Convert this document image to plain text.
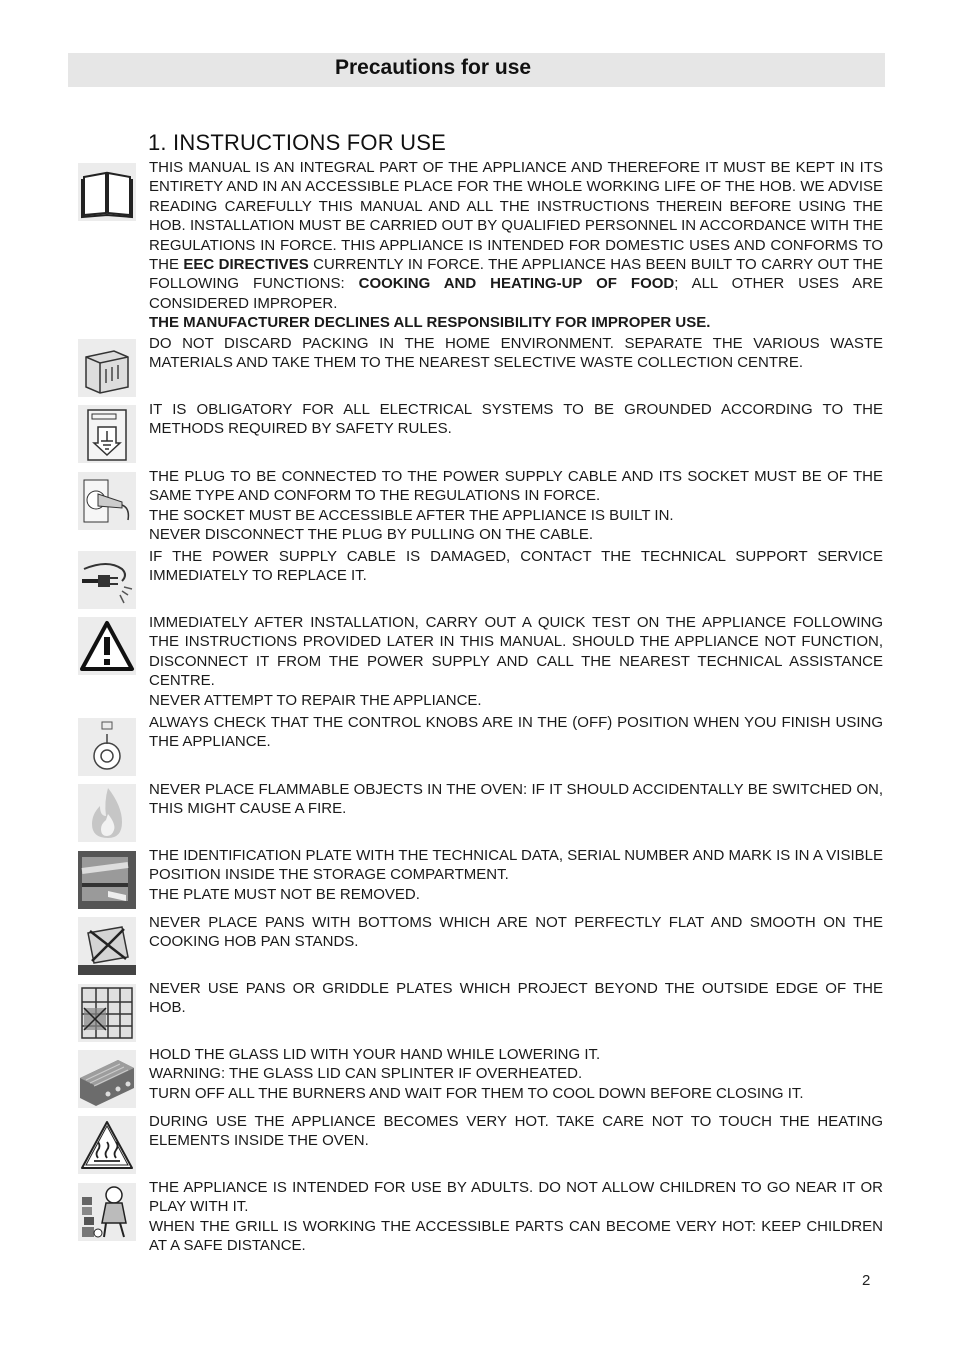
Precautions for use
1. INSTRUCTIONS FOR USE

THIS MANUAL IS AN INTEGRAL PART OF THE APPLIANCE AND THEREFORE IT MUST BE KEPT IN ITS ENTIRETY AND IN AN ACCESSIBLE PLACE FOR THE WHOLE WORKING LIFE OF THE HOB. WE ADVISE READING CAREFULLY THIS MANUAL AND ALL THE INSTRUCTIONS THEREIN BEFORE USING THE HOB. INSTALLATION MUST BE CARRIED OUT BY QUALIFIED PERSONNEL IN ACCORDANCE WITH THE REGULATIONS IN FORCE. THIS APPLIANCE IS INTENDED FOR DOMESTIC USES AND CONFORMS TO THE EEC DIRECTIVES CURRENTLY IN FORCE. THE APPLIANCE HAS BEEN BUILT TO CARRY OUT THE FOLLOWING FUNCTIONS: COOKING AND HEATING-UP OF FOOD; ALL OTHER USES ARE CONSIDERED IMPROPER.

THE MANUFACTURER DECLINES ALL RESPONSIBILITY FOR IMPROPER USE.

DO NOT DISCARD PACKING IN THE HOME ENVIRONMENT. SEPARATE THE VARIOUS WASTE MATERIALS AND TAKE THEM TO THE NEAREST SELECTIVE WASTE COLLECTION CENTRE.

IT IS OBLIGATORY FOR ALL ELECTRICAL SYSTEMS TO BE GROUNDED ACCORDING TO THE METHODS REQUIRED BY SAFETY RULES.

THE PLUG TO BE CONNECTED TO THE POWER SUPPLY CABLE AND ITS SOCKET MUST BE OF THE SAME TYPE AND CONFORM TO THE REGULATIONS IN FORCE.

THE SOCKET MUST BE ACCESSIBLE AFTER THE APPLIANCE IS BUILT IN.

NEVER DISCONNECT THE PLUG BY PULLING ON THE CABLE.

IF THE POWER SUPPLY CABLE IS DAMAGED, CONTACT THE TECHNICAL SUPPORT SERVICE IMMEDIATELY TO REPLACE IT.

IMMEDIATELY AFTER INSTALLATION, CARRY OUT A QUICK TEST ON THE APPLIANCE FOLLOWING THE INSTRUCTIONS PROVIDED LATER IN THIS MANUAL. SHOULD THE APPLIANCE NOT FUNCTION, DISCONNECT IT FROM THE POWER SUPPLY AND CALL THE NEAREST TECHNICAL ASSISTANCE CENTRE.

NEVER ATTEMPT TO REPAIR THE APPLIANCE.

ALWAYS CHECK THAT THE CONTROL KNOBS ARE IN THE (OFF) POSITION WHEN YOU FINISH USING THE APPLIANCE.

NEVER PLACE FLAMMABLE OBJECTS IN THE OVEN: IF IT SHOULD ACCIDENTALLY BE SWITCHED ON, THIS MIGHT CAUSE A FIRE.

THE IDENTIFICATION PLATE WITH THE TECHNICAL DATA, SERIAL NUMBER AND MARK IS IN A VISIBLE POSITION INSIDE THE STORAGE COMPARTMENT.

THE PLATE MUST NOT BE REMOVED.

NEVER PLACE PANS WITH BOTTOMS WHICH ARE NOT PERFECTLY FLAT AND SMOOTH ON THE COOKING HOB PAN STANDS.

NEVER USE PANS OR GRIDDLE PLATES WHICH PROJECT BEYOND THE OUTSIDE EDGE OF THE HOB.

HOLD THE GLASS LID WITH YOUR HAND WHILE LOWERING IT.

WARNING: THE GLASS LID CAN SPLINTER IF OVERHEATED.

TURN OFF ALL THE BURNERS AND WAIT FOR THEM TO COOL DOWN BEFORE CLOSING IT.

DURING USE THE APPLIANCE BECOMES VERY HOT. TAKE CARE NOT TO TOUCH THE HEATING ELEMENTS INSIDE THE OVEN.

THE APPLIANCE IS INTENDED FOR USE BY ADULTS. DO NOT ALLOW CHILDREN TO GO NEAR IT OR PLAY WITH IT.

WHEN THE GRILL IS WORKING THE ACCESSIBLE PARTS CAN BECOME VERY HOT: KEEP CHILDREN AT A SAFE DISTANCE.

2
